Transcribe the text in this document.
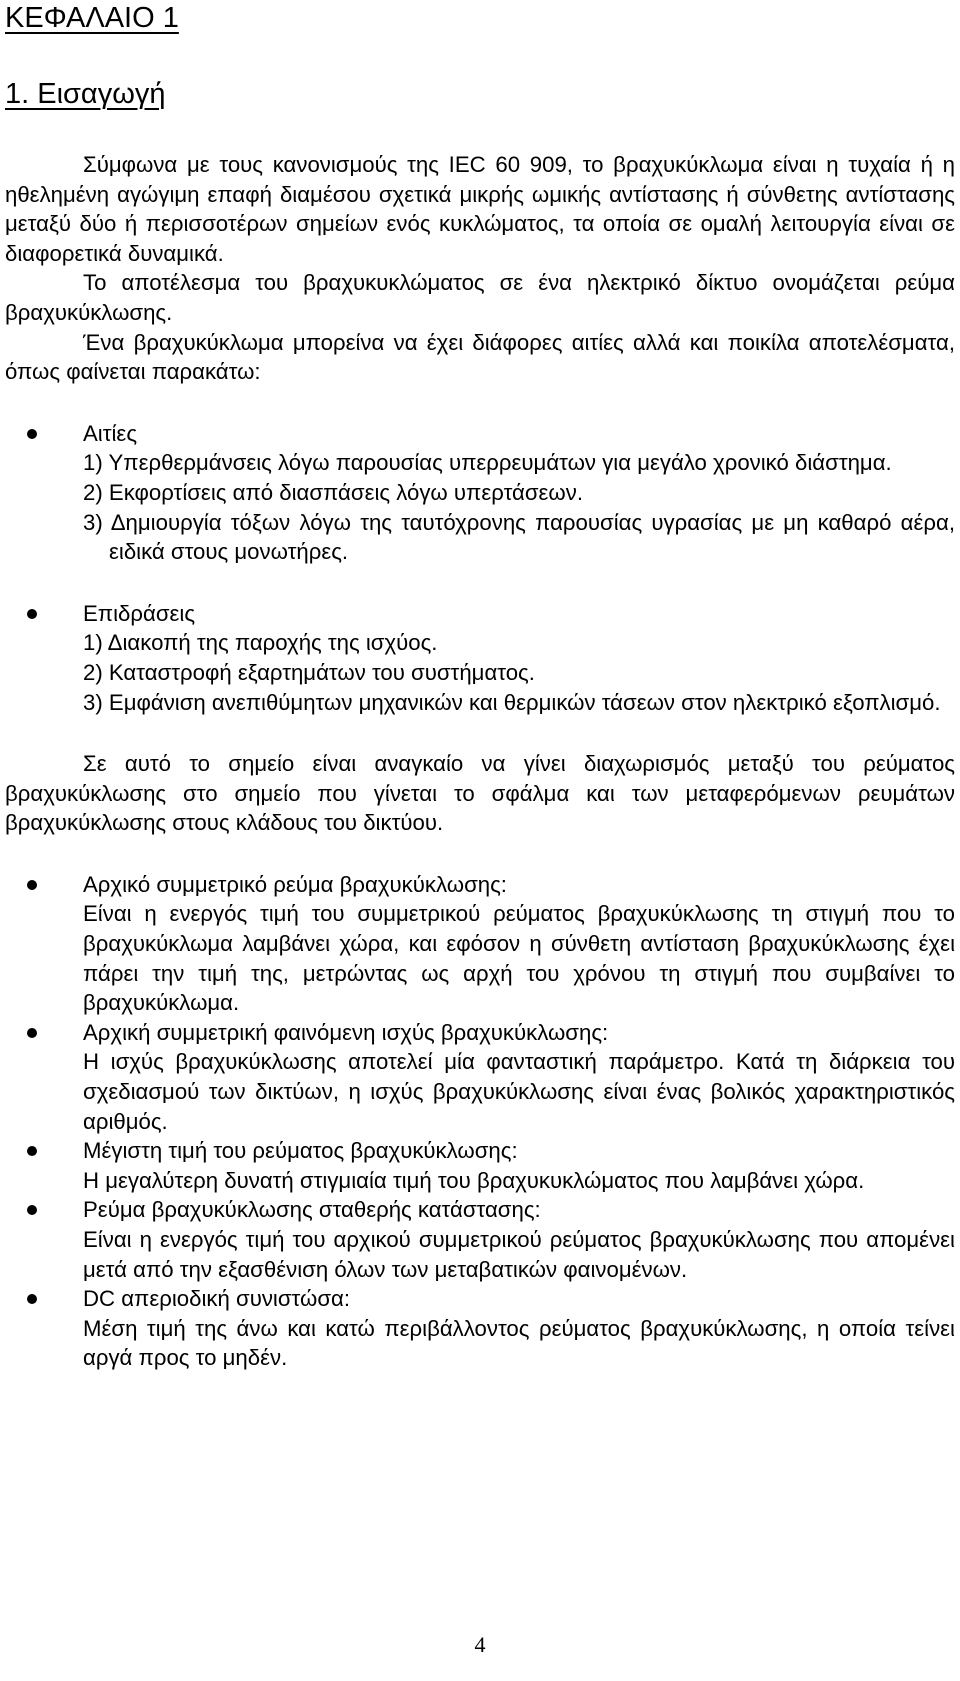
ΚΕΦΑΛΑΙΟ 1
1. Εισαγωγή

Σύμφωνα με τους κανονισμούς της IEC 60 909, το βραχυκύκλωμα είναι η τυχαία ή η ηθελημένη αγώγιμη επαφή διαμέσου σχετικά μικρής ωμικής αντίστασης ή σύνθετης αντίστασης μεταξύ δύο ή περισσοτέρων σημείων ενός κυκλώματος, τα οποία σε ομαλή λειτουργία είναι σε διαφορετικά δυναμικά.

Το αποτέλεσμα του βραχυκυκλώματος σε ένα ηλεκτρικό δίκτυο ονομάζεται ρεύμα βραχυκύκλωσης.

Ένα βραχυκύκλωμα μπορείνα να έχει διάφορες αιτίες αλλά και ποικίλα αποτελέσματα, όπως φαίνεται παρακάτω:

Αιτίες

1) Υπερθερμάνσεις λόγω παρουσίας υπερρευμάτων για μεγάλο χρονικό διάστημα.

2) Εκφορτίσεις από διασπάσεις λόγω υπερτάσεων.

3) Δημιουργία τόξων λόγω της ταυτόχρονης παρουσίας υγρασίας με μη καθαρό αέρα, ειδικά στους μονωτήρες.

Επιδράσεις

1) Διακοπή της παροχής της ισχύος.

2) Καταστροφή εξαρτημάτων του συστήματος.

3) Εμφάνιση ανεπιθύμητων μηχανικών και θερμικών τάσεων στον ηλεκτρικό εξοπλισμό.

Σε αυτό το σημείο είναι αναγκαίο να γίνει διαχωρισμός μεταξύ του ρεύματος βραχυκύκλωσης στο σημείο που γίνεται το σφάλμα και των μεταφερόμενων ρευμάτων βραχυκύκλωσης στους κλάδους του δικτύου.

Αρχικό συμμετρικό ρεύμα βραχυκύκλωσης:

Είναι η ενεργός τιμή του συμμετρικού ρεύματος βραχυκύκλωσης τη στιγμή που το βραχυκύκλωμα λαμβάνει χώρα, και εφόσον η σύνθετη αντίσταση βραχυκύκλωσης έχει πάρει την τιμή της, μετρώντας ως αρχή του χρόνου τη στιγμή που συμβαίνει το βραχυκύκλωμα.

Αρχική συμμετρική φαινόμενη ισχύς βραχυκύκλωσης:

Η ισχύς βραχυκύκλωσης αποτελεί μία φανταστική παράμετρο. Κατά τη διάρκεια του σχεδιασμού των δικτύων, η ισχύς βραχυκύκλωσης είναι ένας βολικός χαρακτηριστικός αριθμός.

Μέγιστη τιμή του ρεύματος βραχυκύκλωσης:

Η μεγαλύτερη δυνατή στιγμιαία τιμή του βραχυκυκλώματος που λαμβάνει χώρα.

Ρεύμα βραχυκύκλωσης σταθερής κατάστασης:

Είναι η ενεργός τιμή του αρχικού συμμετρικού ρεύματος βραχυκύκλωσης που απομένει μετά από την εξασθένιση όλων των μεταβατικών φαινομένων.

DC απεριοδική συνιστώσα:

Μέση τιμή της άνω και κατώ περιβάλλοντος ρεύματος βραχυκύκλωσης, η οποία τείνει αργά προς το μηδέν.

4
